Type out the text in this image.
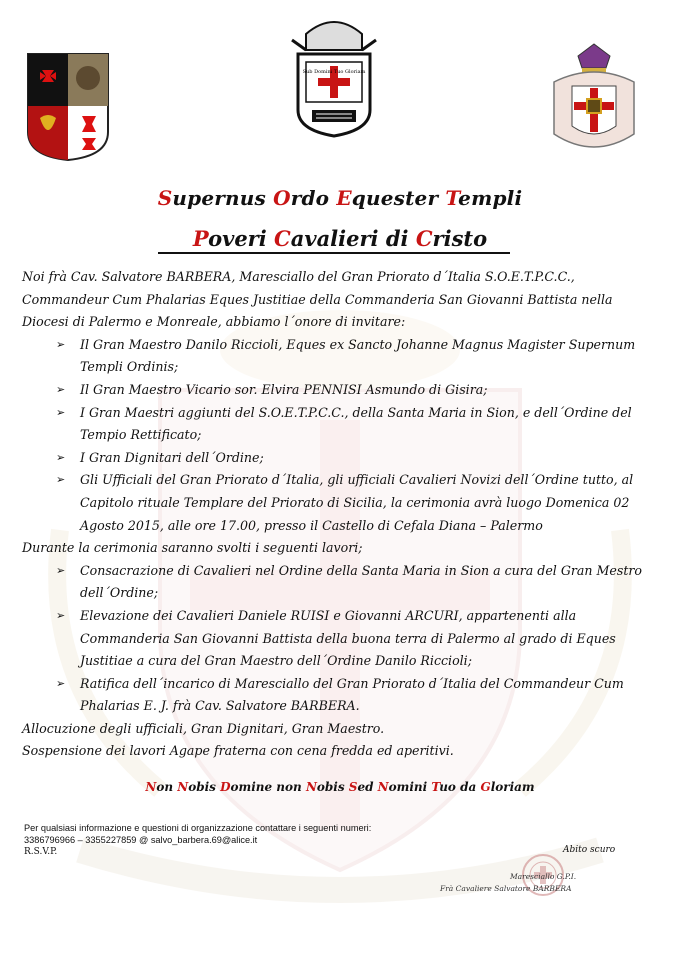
Sub Domini Tuo Gloriam
Supernus Ordo Equester Templi
Poveri Cavalieri di Cristo

Noi frà Cav. Salvatore BARBERA, Maresciallo del Gran Priorato d´Italia S.O.E.T.P.C.C., Commandeur Cum Phalarias Eques Justitiae della Commanderia San Giovanni Battista nella Diocesi di Palermo e Monreale, abbiamo l´onore di invitare:

➢ Il Gran Maestro Danilo Riccioli, Eques ex Sancto Johanne Magnus Magister Supernum Templi Ordinis;
➢ Il Gran Maestro Vicario sor. Elvira PENNISI Asmundo di Gisira;
➢ I Gran Maestri aggiunti del S.O.E.T.P.C.C., della Santa Maria in Sion, e dell´Ordine del Tempio Rettificato;
➢ I Gran Dignitari dell´Ordine;
➢ Gli Ufficiali del Gran Priorato d´Italia, gli ufficiali Cavalieri Novizi dell´Ordine tutto, al Capitolo rituale Templare del Priorato di Sicilia, la cerimonia avrà luogo Domenica 02 Agosto 2015, alle ore 17.00, presso il Castello di Cefala Diana – Palermo

Durante la cerimonia saranno svolti i seguenti lavori;

➢ Consacrazione di Cavalieri nel Ordine della Santa Maria in Sion a cura del Gran Mestro dell´Ordine;
➢ Elevazione dei Cavalieri Daniele RUISI e Giovanni ARCURI, appartenenti alla Commanderia San Giovanni Battista della buona terra di Palermo al grado di Eques Justitiae a cura del Gran Maestro dell´Ordine Danilo Riccioli;
➢ Ratifica dell´incarico di Maresciallo del Gran Priorato d´Italia del Commandeur Cum Phalarias E. J. frà Cav. Salvatore BARBERA.

Allocuzione degli ufficiali, Gran Dignitari, Gran Maestro.

Sospensione dei lavori Agape fraterna con cena fredda ed aperitivi.

Non Nobis Domine non Nobis Sed Nomini Tuo da Gloriam
Per qualsiasi informazione e questioni di organizzazione contattare i seguenti numeri:
3386796966 – 3355227859 @ salvo_barbera.69@alice.it
R.S.V.P.	Abito scuro
Maresciallo G.P.I.
Frà Cavaliere Salvatore BARBERA
